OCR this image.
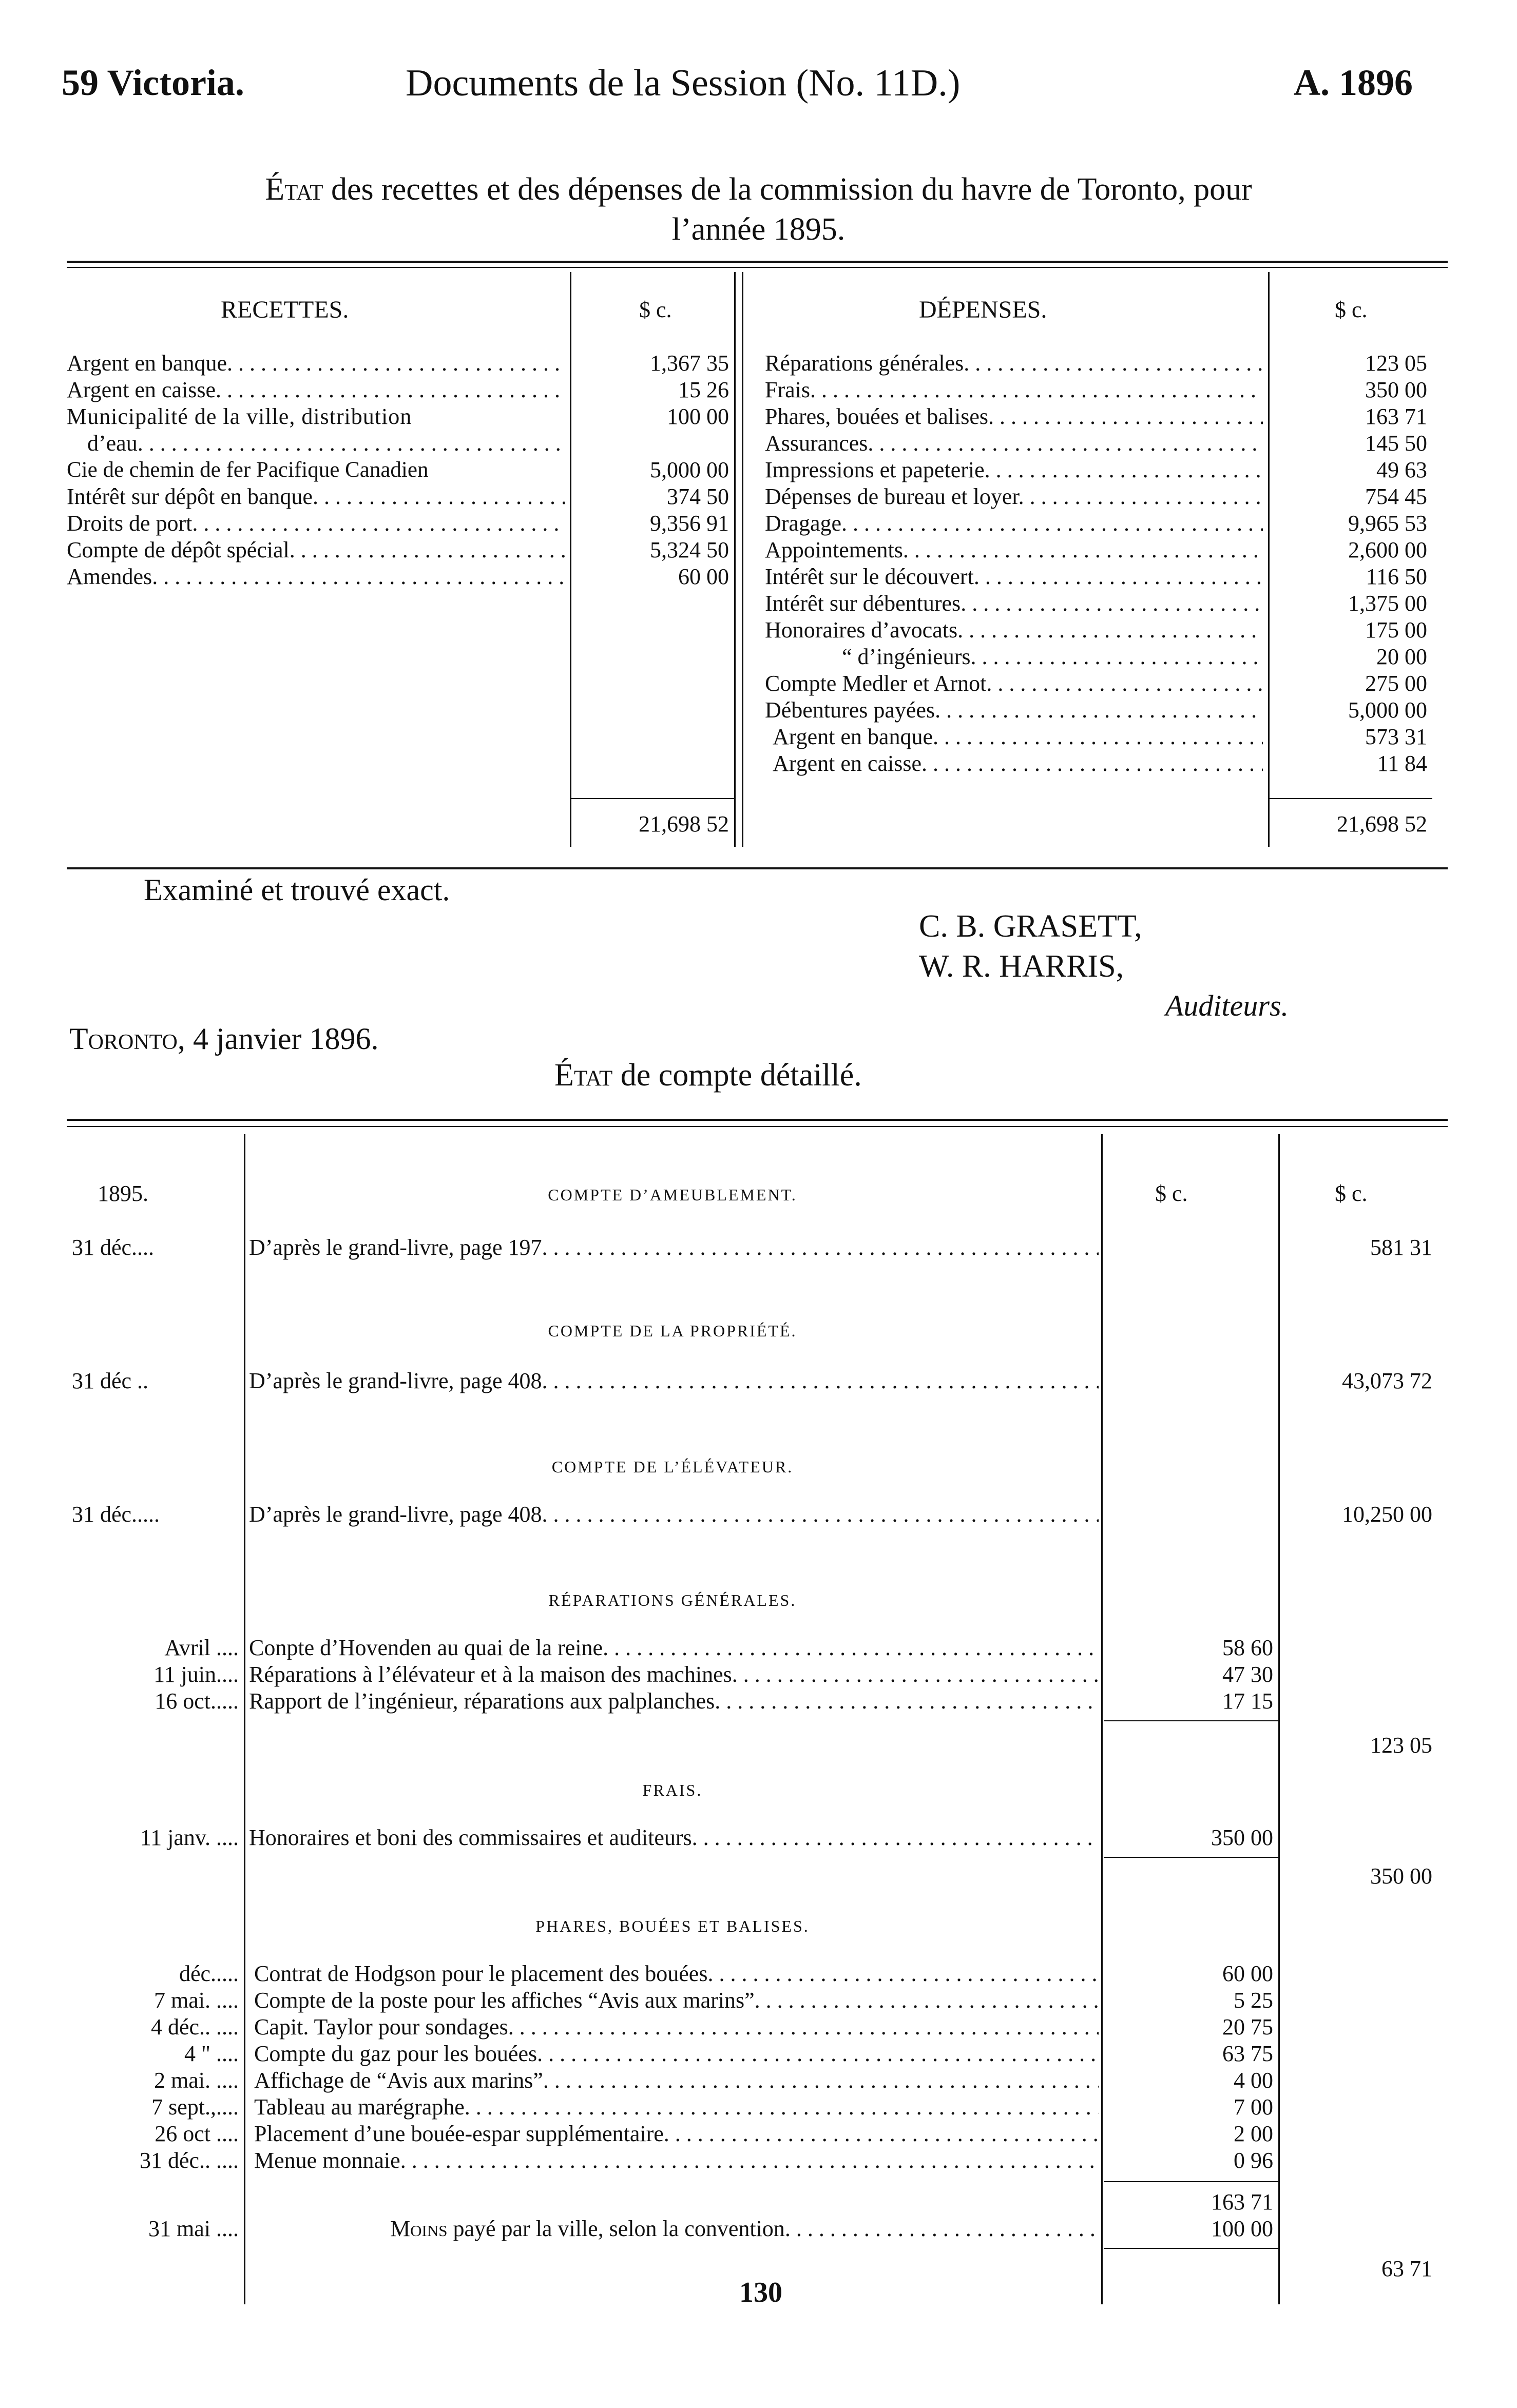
59 Victoria.	Documents de la Session (No. 11D.)	A. 1896
État des recettes et des dépenses de la commission du havre de Toronto, pour
l’année 1895.
RECETTES.	$ c.	DÉPENSES.	$ c.
Argent en banque . . .	1,367 35
Argent en caisse . . .	15 26
Municipalité de la ville, distribution	100 00
d’eau . . .
Cie de chemin de fer Pacifique Canadien	5,000 00
Intérêt sur dépôt en banque . . .	374 50
Droits de port . . .	9,356 91
Compte de dépôt spécial . . .	5,324 50
Amendes . . .	60 00
Réparations générales . . .	123 05
Frais . . .	350 00
Phares, bouées et balises . . .	163 71
Assurances . . .	145 50
Impressions et papeterie . . .	49 63
Dépenses de bureau et loyer . . .	754 45
Dragage . . .	9,965 53
Appointements . . .	2,600 00
Intérêt sur le découvert . . .	116 50
Intérêt sur débentures . . .	1,375 00
Honoraires d’avocats . . .	175 00
“ d’ingénieurs . . .	20 00
Compte Medler et Arnot . . .	275 00
Débentures payées . . .	5,000 00
Argent en banque . . .	573 31
Argent en caisse . . .	11 84
21,698 52	21,698 52
Examiné et trouvé exact.
C. B. GRASETT,
W. R. HARRIS,
Auditeurs.
Toronto, 4 janvier 1896.
État de compte détaillé.
1895.	$ c.	$ c.
COMPTE D’AMEUBLEMENT.
31 déc....	D’après le grand-livre, page 197 . . .	581 31
COMPTE DE LA PROPRIÉTÉ.
31 déc ..	D’après le grand-livre, page 408 . . .	43,073 72
COMPTE DE L’ÉLÉVATEUR.
31 déc.....	D’après le grand-livre, page 408 . . .	10,250 00
RÉPARATIONS GÉNÉRALES.
Avril .... Conpte d’Hovenden au quai de la reine . . .	58 60
11 juin.... Réparations à l’élévateur et à la maison des machines . . .	47 30
16 oct..... Rapport de l’ingénieur, réparations aux palplanches . . .	17 15
123 05
FRAIS.
11 janv. .... Honoraires et boni des commissaires et auditeurs . . .	350 00
350 00
PHARES, BOUÉES ET BALISES.
déc..... Contrat de Hodgson pour le placement des bouées . . .	60 00
7 mai. .... Compte de la poste pour les affiches “Avis aux marins” . . .	5 25
4 déc.. .... Capit. Taylor pour sondages . . .	20 75
4 " .... Compte du gaz pour les bouées . . .	63 75
2 mai. .... Affichage de “Avis aux marins” . . .	4 00
7 sept.,.... Tableau au marégraphe . . .	7 00
26 oct .... Placement d’une bouée-espar supplémentaire . . .	2 00
31 déc.. .... Menue monnaie . . .	0 96
163 71
31 mai ....	Moins payé par la ville, selon la convention . . .	100 00
63 71
130
